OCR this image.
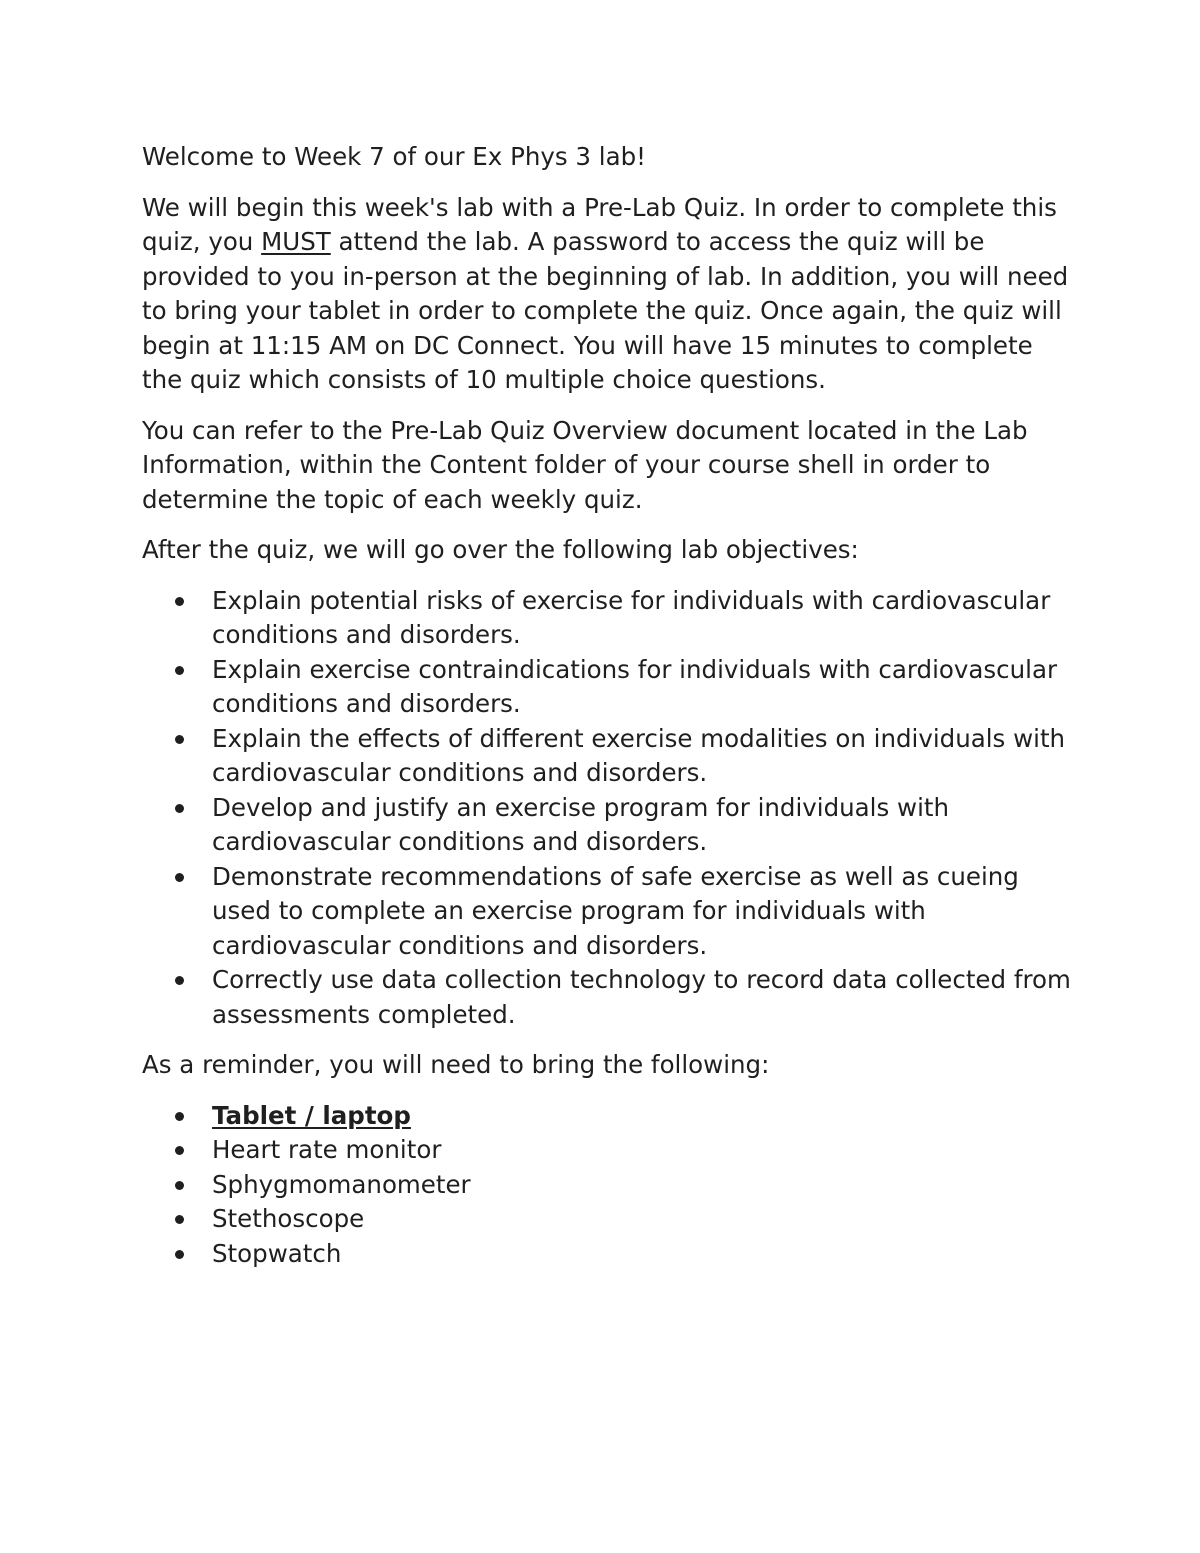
Welcome to Week 7 of our Ex Phys 3 lab!

We will begin this week's lab with a Pre-Lab Quiz. In order to complete this quiz, you MUST attend the lab. A password to access the quiz will be provided to you in-person at the beginning of lab. In addition, you will need to bring your tablet in order to complete the quiz. Once again, the quiz will begin at 11:15 AM on DC Connect. You will have 15 minutes to complete the quiz which consists of 10 multiple choice questions.

You can refer to the Pre-Lab Quiz Overview document located in the Lab Information, within the Content folder of your course shell in order to determine the topic of each weekly quiz.

After the quiz, we will go over the following lab objectives:

Explain potential risks of exercise for individuals with cardiovascular conditions and disorders.
Explain exercise contraindications for individuals with cardiovascular conditions and disorders.
Explain the effects of different exercise modalities on individuals with cardiovascular conditions and disorders.
Develop and justify an exercise program for individuals with cardiovascular conditions and disorders.
Demonstrate recommendations of safe exercise as well as cueing used to complete an exercise program for individuals with cardiovascular conditions and disorders.
Correctly use data collection technology to record data collected from assessments completed.

As a reminder, you will need to bring the following:

Tablet / laptop
Heart rate monitor
Sphygmomanometer
Stethoscope
Stopwatch
